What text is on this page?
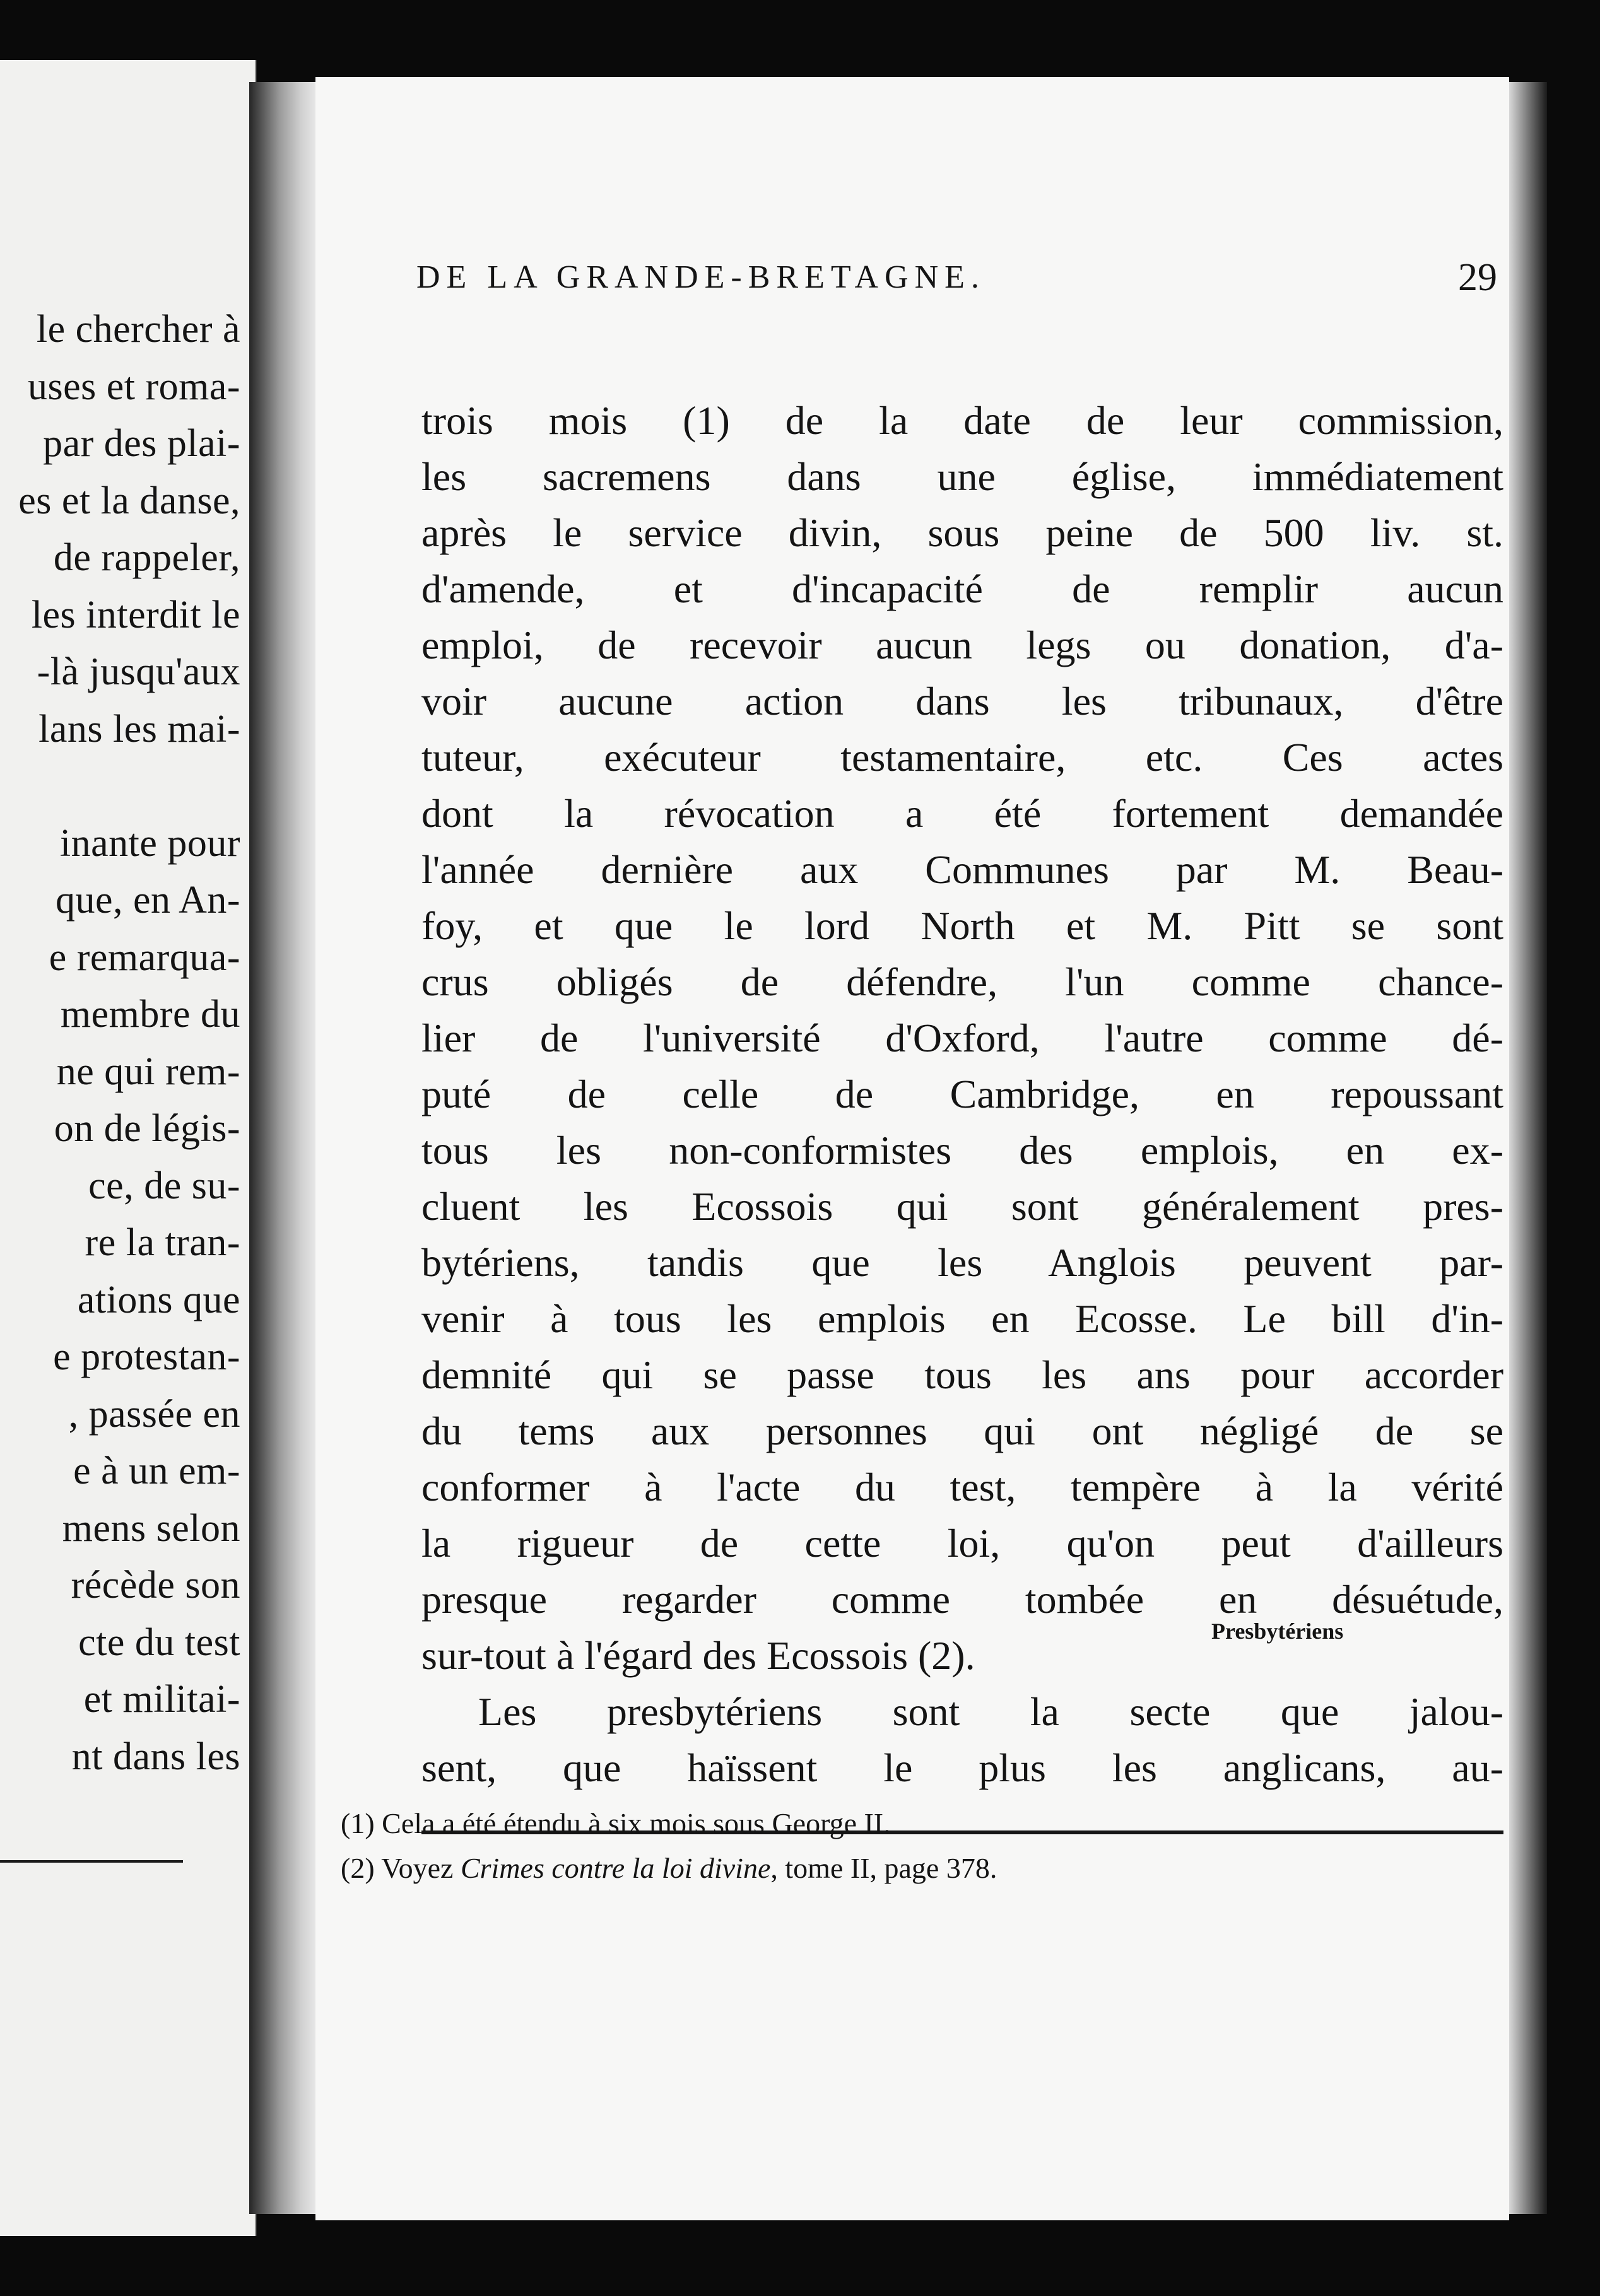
le chercher à
uses et roma-
par des plai-
es et la danse,
de rappeler,
les interdit le
-là jusqu'aux
lans les mai-
inante pour
que, en An-
e remarqua-
membre du
ne qui rem-
on de légis-
ce, de su-
re la tran-
ations que
e protestan-
, passée en
e à un em-
mens selon
récède son
cte du test
et militai-
nt dans les
DE LA GRANDE-BRETAGNE.	29
trois mois (1) de la date de leur commission,
les sacremens dans une église, immédiatement
après le service divin, sous peine de 500 liv. st.
d'amende, et d'incapacité de remplir aucun
emploi, de recevoir aucun legs ou donation, d'a-
voir aucune action dans les tribunaux, d'être
tuteur, exécuteur testamentaire, etc. Ces actes
dont la révocation a été fortement demandée
l'année dernière aux Communes par M. Beau-
foy, et que le lord North et M. Pitt se sont
crus obligés de défendre, l'un comme chance-
lier de l'université d'Oxford, l'autre comme dé-
puté de celle de Cambridge, en repoussant
tous les non-conformistes des emplois, en ex-
cluent les Ecossois qui sont généralement pres-
bytériens, tandis que les Anglois peuvent par-
venir à tous les emplois en Ecosse. Le bill d'in-
demnité qui se passe tous les ans pour accorder
du tems aux personnes qui ont négligé de se
conformer à l'acte du test, tempère à la vérité
la rigueur de cette loi, qu'on peut d'ailleurs
presque regarder comme tombée en désuétude,
sur-tout à l'égard des Ecossois (2).
Les presbytériens sont la secte que jalou-
sent, que haïssent le plus les anglicans, au-
Presbytériens
(1) Cela a été étendu à six mois sous George II.
(2) Voyez Crimes contre la loi divine, tome II, page 378.
